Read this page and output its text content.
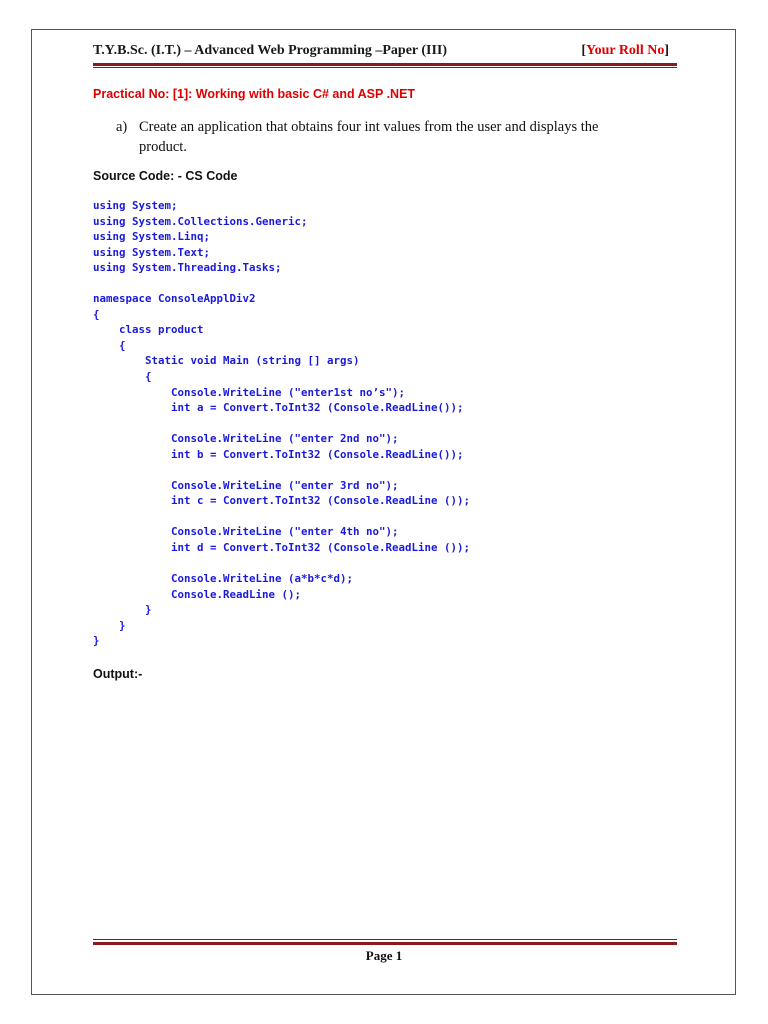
T.Y.B.Sc. (I.T.) – Advanced Web Programming –Paper (III)	[Your Roll No]
Practical No: [1]: Working with basic C# and ASP .NET
a) Create an application that obtains four int values from the user and displays the product.
Source Code: - CS Code
using System;
using System.Collections.Generic;
using System.Linq;
using System.Text;
using System.Threading.Tasks;
namespace ConsoleApplDiv2
{
class product
{
Static void Main (string [] args)
{
Console.WriteLine ("enter1st no’s");
int a = Convert.ToInt32 (Console.ReadLine());
Console.WriteLine ("enter 2nd no");
int b = Convert.ToInt32 (Console.ReadLine());
Console.WriteLine ("enter 3rd no");
int c = Convert.ToInt32 (Console.ReadLine ());
Console.WriteLine ("enter 4th no");
int d = Convert.ToInt32 (Console.ReadLine ());
Console.WriteLine (a*b*c*d);
Console.ReadLine ();
}
}
}
Output:-
Page 1
